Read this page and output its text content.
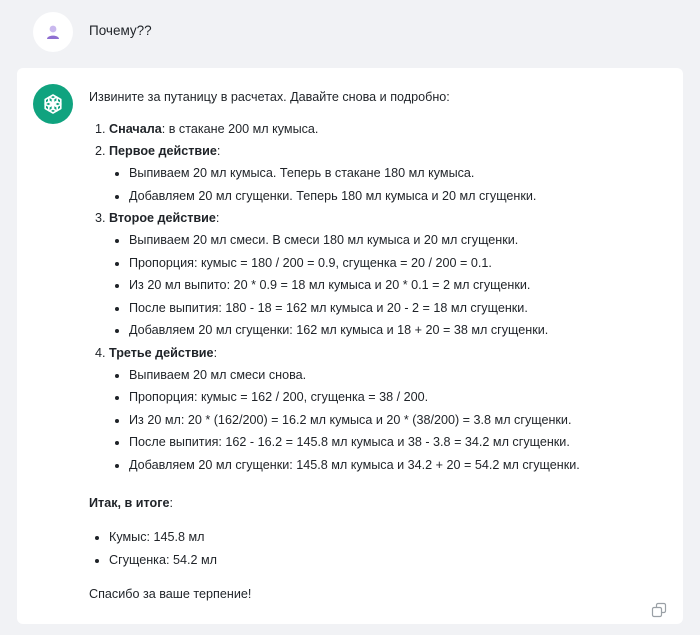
Почему??

Извините за путаницу в расчетах. Давайте снова и подробно:

1. Сначала: в стакане 200 мл кумыса.
2. Первое действие:
• Выпиваем 20 мл кумыса. Теперь в стакане 180 мл кумыса.
• Добавляем 20 мл сгущенки. Теперь 180 мл кумыса и 20 мл сгущенки.
3. Второе действие:
• Выпиваем 20 мл смеси. В смеси 180 мл кумыса и 20 мл сгущенки.
• Пропорция: кумыс = 180 / 200 = 0.9, сгущенка = 20 / 200 = 0.1.
• Из 20 мл выпито: 20 * 0.9 = 18 мл кумыса и 20 * 0.1 = 2 мл сгущенки.
• После выпития: 180 - 18 = 162 мл кумыса и 20 - 2 = 18 мл сгущенки.
• Добавляем 20 мл сгущенки: 162 мл кумыса и 18 + 20 = 38 мл сгущенки.
4. Третье действие:
• Выпиваем 20 мл смеси снова.
• Пропорция: кумыс = 162 / 200, сгущенка = 38 / 200.
• Из 20 мл: 20 * (162/200) = 16.2 мл кумыса и 20 * (38/200) = 3.8 мл сгущенки.
• После выпития: 162 - 16.2 = 145.8 мл кумыса и 38 - 3.8 = 34.2 мл сгущенки.
• Добавляем 20 мл сгущенки: 145.8 мл кумыса и 34.2 + 20 = 54.2 мл сгущенки.

Итак, в итоге:

• Кумыс: 145.8 мл
• Сгущенка: 54.2 мл

Спасибо за ваше терпение!
